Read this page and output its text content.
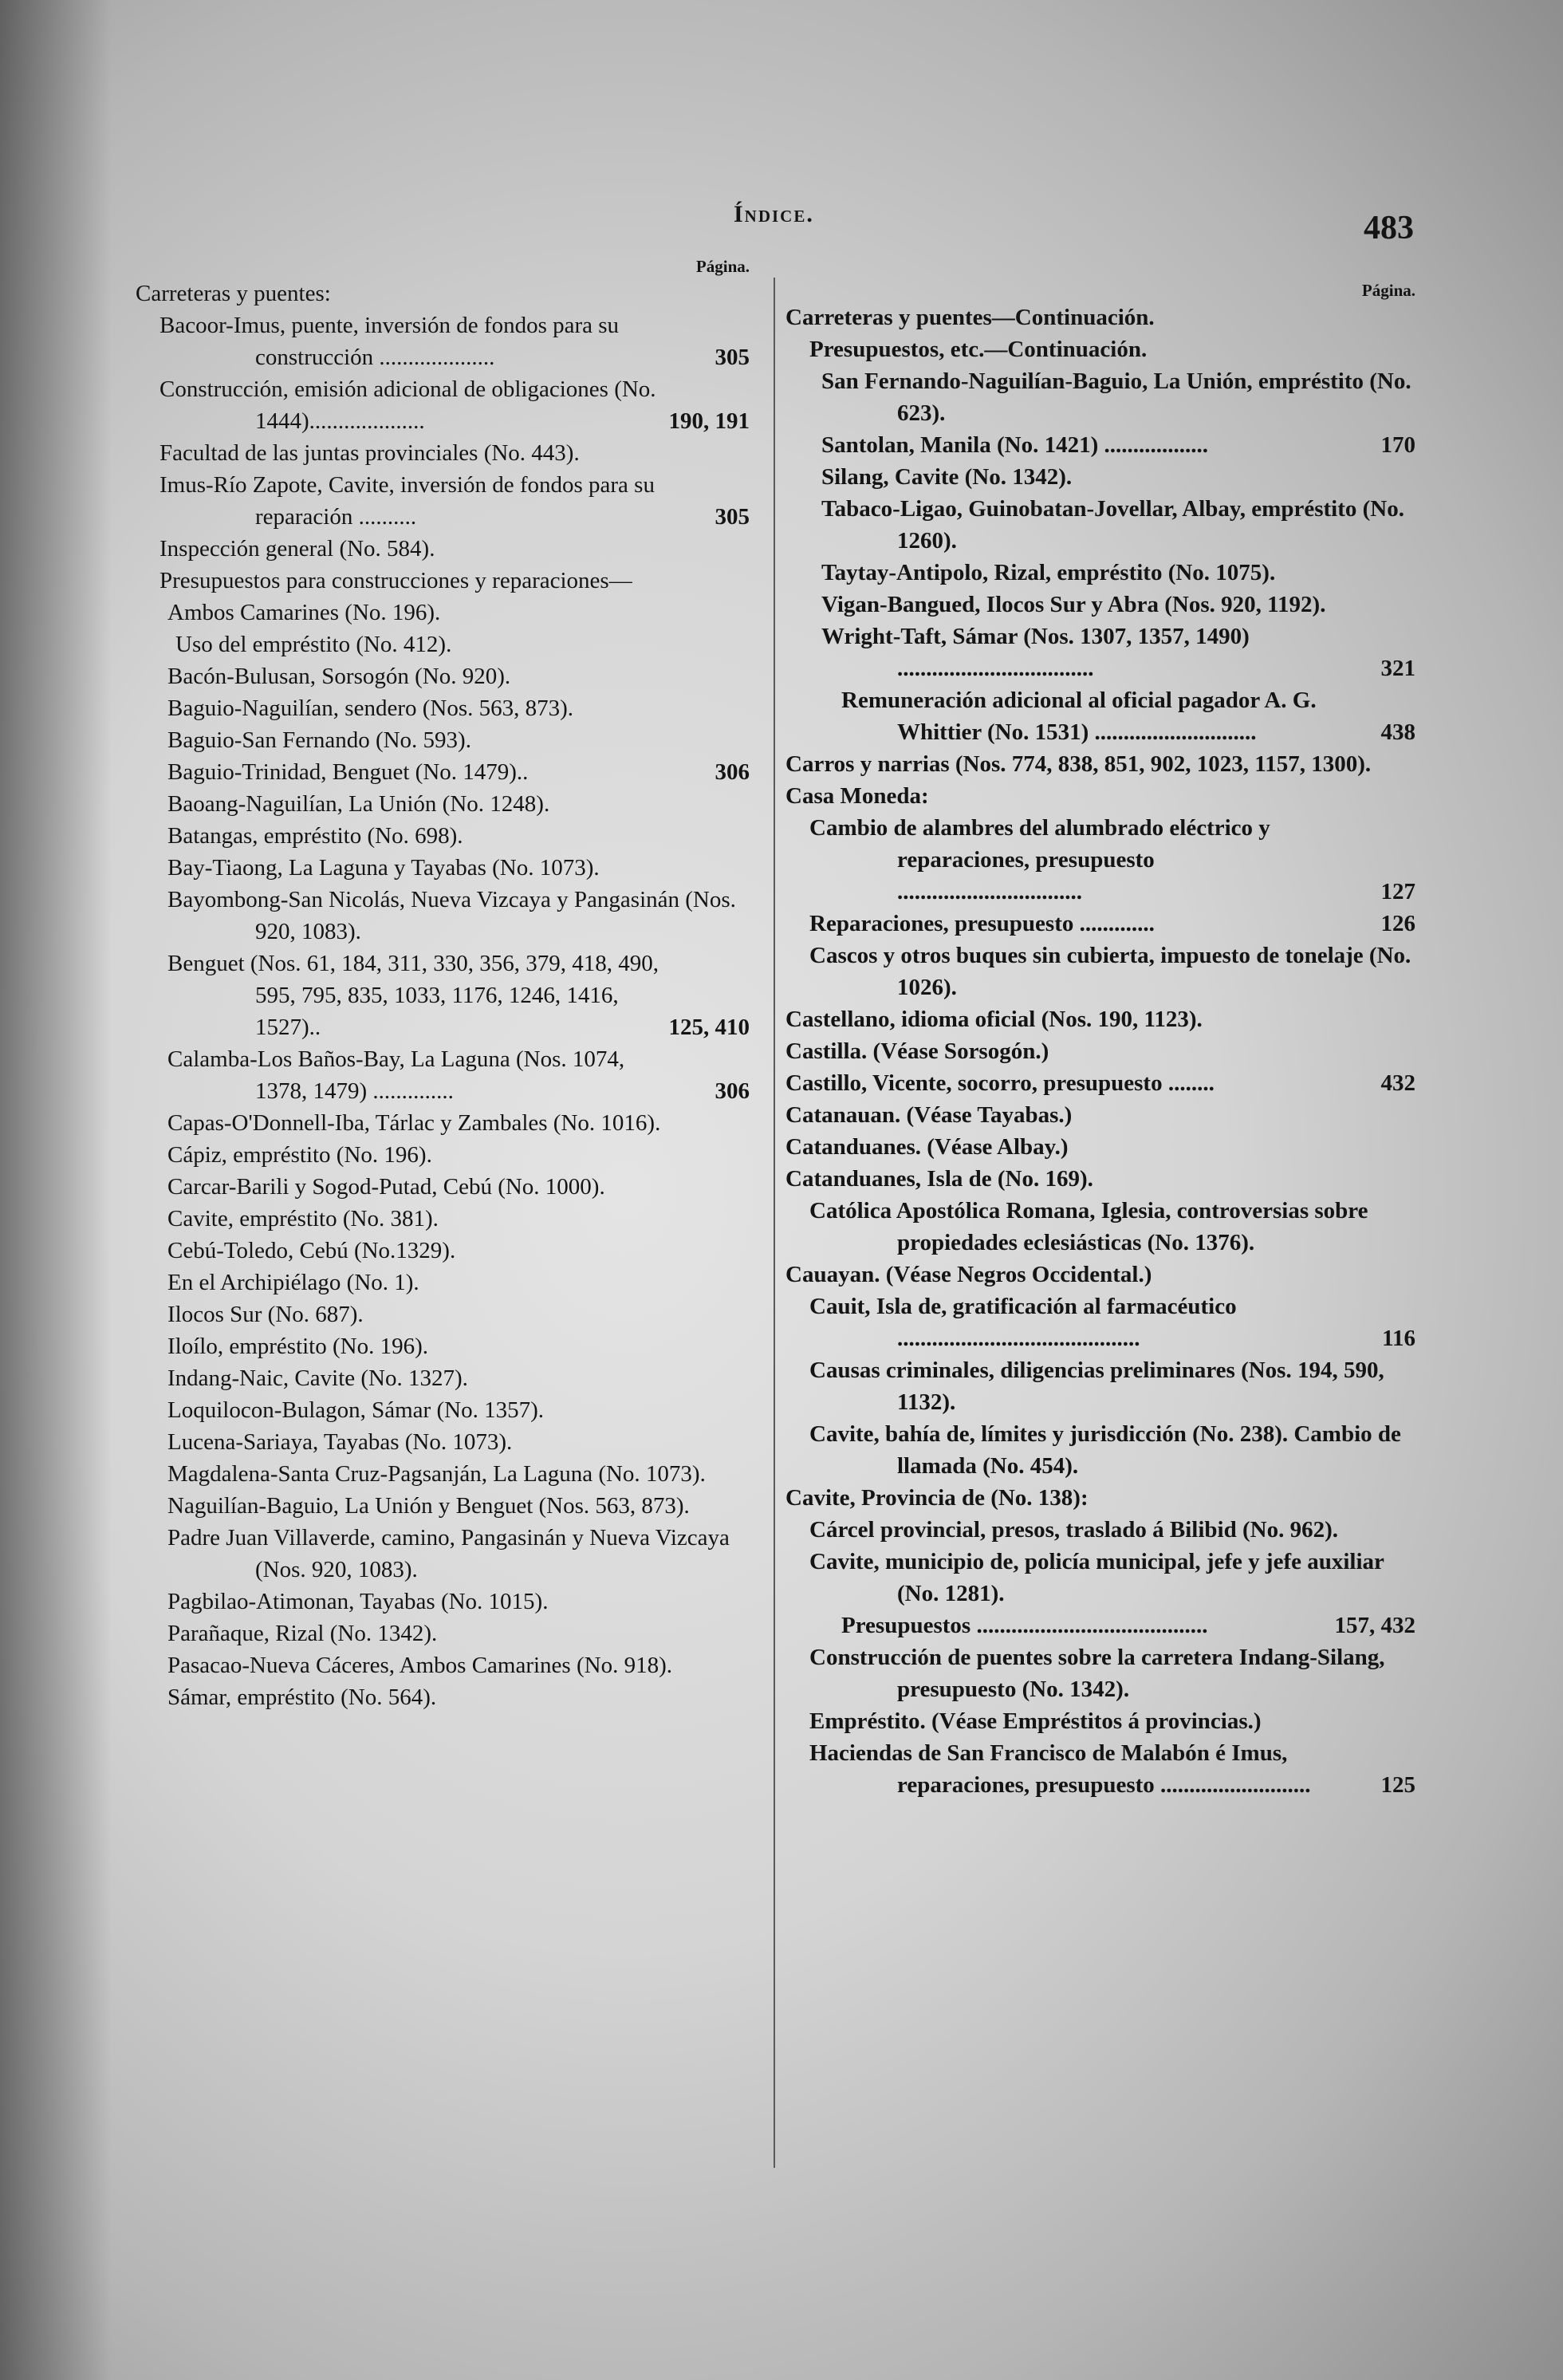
Índice.	483
Página.
Carreteras y puentes:
Bacoor-Imus, puente, inversión de fondos para su construcción ....................	305
Construcción, emisión adicional de obligaciones (No. 1444)....................	190, 191
Facultad de las juntas provinciales (No. 443).
Imus-Río Zapote, Cavite, inversión de fondos para su reparación ..........	305
Inspección general (No. 584).
Presupuestos para construcciones y reparaciones—
Ambos Camarines (No. 196).
Uso del empréstito (No. 412).
Bacón-Bulusan, Sorsogón (No. 920).
Baguio-Naguilían, sendero (Nos. 563, 873).
Baguio-San Fernando (No. 593).
Baguio-Trinidad, Benguet (No. 1479)..	306
Baoang-Naguilían, La Unión (No. 1248).
Batangas, empréstito (No. 698).
Bay-Tiaong, La Laguna y Tayabas (No. 1073).
Bayombong-San Nicolás, Nueva Vizcaya y Pangasinán (Nos. 920, 1083).
Benguet (Nos. 61, 184, 311, 330, 356, 379, 418, 490, 595, 795, 835, 1033, 1176, 1246, 1416, 1527)..	125, 410
Calamba-Los Baños-Bay, La Laguna (Nos. 1074, 1378, 1479) ..............	306
Capas-O'Donnell-Iba, Tárlac y Zambales (No. 1016).
Cápiz, empréstito (No. 196).
Carcar-Barili y Sogod-Putad, Cebú (No. 1000).
Cavite, empréstito (No. 381).
Cebú-Toledo, Cebú (No.1329).
En el Archipiélago (No. 1).
Ilocos Sur (No. 687).
Iloílo, empréstito (No. 196).
Indang-Naic, Cavite (No. 1327).
Loquilocon-Bulagon, Sámar (No. 1357).
Lucena-Sariaya, Tayabas (No. 1073).
Magdalena-Santa Cruz-Pagsanján, La Laguna (No. 1073).
Naguilían-Baguio, La Unión y Benguet (Nos. 563, 873).
Padre Juan Villaverde, camino, Pangasinán y Nueva Vizcaya (Nos. 920, 1083).
Pagbilao-Atimonan, Tayabas (No. 1015).
Parañaque, Rizal (No. 1342).
Pasacao-Nueva Cáceres, Ambos Camarines (No. 918).
Sámar, empréstito (No. 564).
Página.
Carreteras y puentes—Continuación.
Presupuestos, etc.—Continuación.
San Fernando-Naguilían-Baguio, La Unión, empréstito (No. 623).
Santolan, Manila (No. 1421) ..................	170
Silang, Cavite (No. 1342).
Tabaco-Ligao, Guinobatan-Jovellar, Albay, empréstito (No. 1260).
Taytay-Antipolo, Rizal, empréstito (No. 1075).
Vigan-Bangued, Ilocos Sur y Abra (Nos. 920, 1192).
Wright-Taft, Sámar (Nos. 1307, 1357, 1490) ..................................	321
Remuneración adicional al oficial pagador A. G. Whittier (No. 1531) ............................	438
Carros y narrias (Nos. 774, 838, 851, 902, 1023, 1157, 1300).
Casa Moneda:
Cambio de alambres del alumbrado eléctrico y reparaciones, presupuesto ................................	127
Reparaciones, presupuesto .............	126
Cascos y otros buques sin cubierta, impuesto de tonelaje (No. 1026).
Castellano, idioma oficial (Nos. 190, 1123).
Castilla. (Véase Sorsogón.)
Castillo, Vicente, socorro, presupuesto ........	432
Catanauan. (Véase Tayabas.)
Catanduanes. (Véase Albay.)
Catanduanes, Isla de (No. 169).
Católica Apostólica Romana, Iglesia, controversias sobre propiedades eclesiásticas (No. 1376).
Cauayan. (Véase Negros Occidental.)
Cauit, Isla de, gratificación al farmacéutico ..........................................	116
Causas criminales, diligencias preliminares (Nos. 194, 590, 1132).
Cavite, bahía de, límites y jurisdicción (No. 238). Cambio de llamada (No. 454).
Cavite, Provincia de (No. 138):
Cárcel provincial, presos, traslado á Bilibid (No. 962).
Cavite, municipio de, policía municipal, jefe y jefe auxiliar (No. 1281).
Presupuestos ........................................	157, 432
Construcción de puentes sobre la carretera Indang-Silang, presupuesto (No. 1342).
Empréstito. (Véase Empréstitos á provincias.)
Haciendas de San Francisco de Malabón é Imus, reparaciones, presupuesto ..........................	125
